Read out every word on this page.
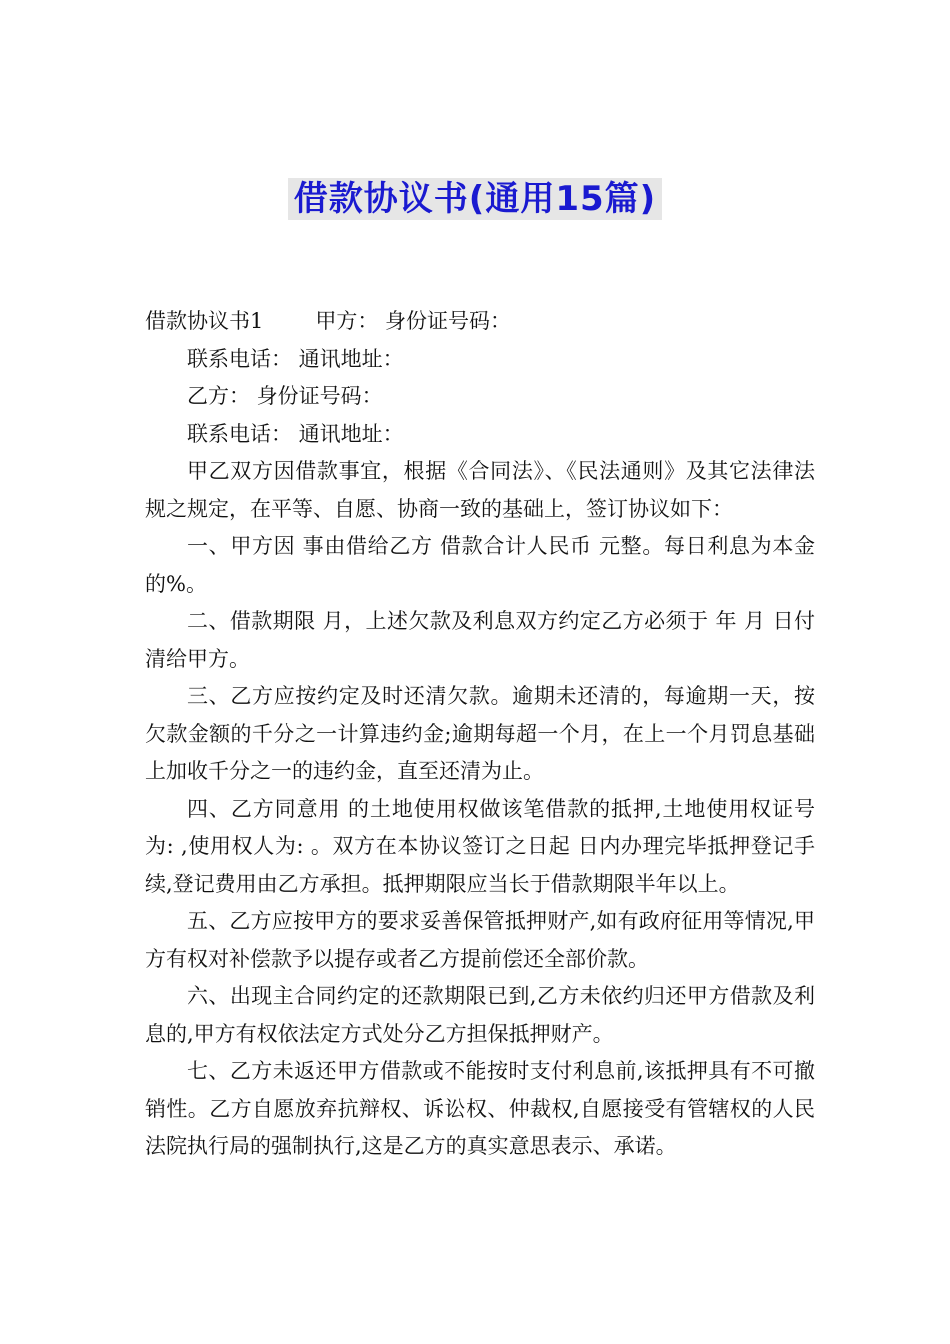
借款协议书(通用15篇)

借款协议书1 甲方： 身份证号码：

联系电话： 通讯地址：

乙方： 身份证号码：

联系电话： 通讯地址：

甲乙双方因借款事宜，根据《合同法》、《民法通则》及其它法律法规之规定，在平等、自愿、协商一致的基础上，签订协议如下：

一、甲方因 事由借给乙方 借款合计人民币 元整。每日利息为本金的%。

二、借款期限 月，上述欠款及利息双方约定乙方必须于 年 月 日付清给甲方。

三、乙方应按约定及时还清欠款。逾期未还清的，每逾期一天，按欠款金额的千分之一计算违约金;逾期每超一个月，在上一个月罚息基础上加收千分之一的违约金，直至还清为止。

四、乙方同意用 的土地使用权做该笔借款的抵押,土地使用权证号为: ,使用权人为: 。双方在本协议签订之日起 日内办理完毕抵押登记手续,登记费用由乙方承担。抵押期限应当长于借款期限半年以上。

五、乙方应按甲方的要求妥善保管抵押财产,如有政府征用等情况,甲方有权对补偿款予以提存或者乙方提前偿还全部价款。

六、出现主合同约定的还款期限已到,乙方未依约归还甲方借款及利息的,甲方有权依法定方式处分乙方担保抵押财产。

七、乙方未返还甲方借款或不能按时支付利息前,该抵押具有不可撤销性。乙方自愿放弃抗辩权、诉讼权、仲裁权,自愿接受有管辖权的人民法院执行局的强制执行,这是乙方的真实意思表示、承诺。
